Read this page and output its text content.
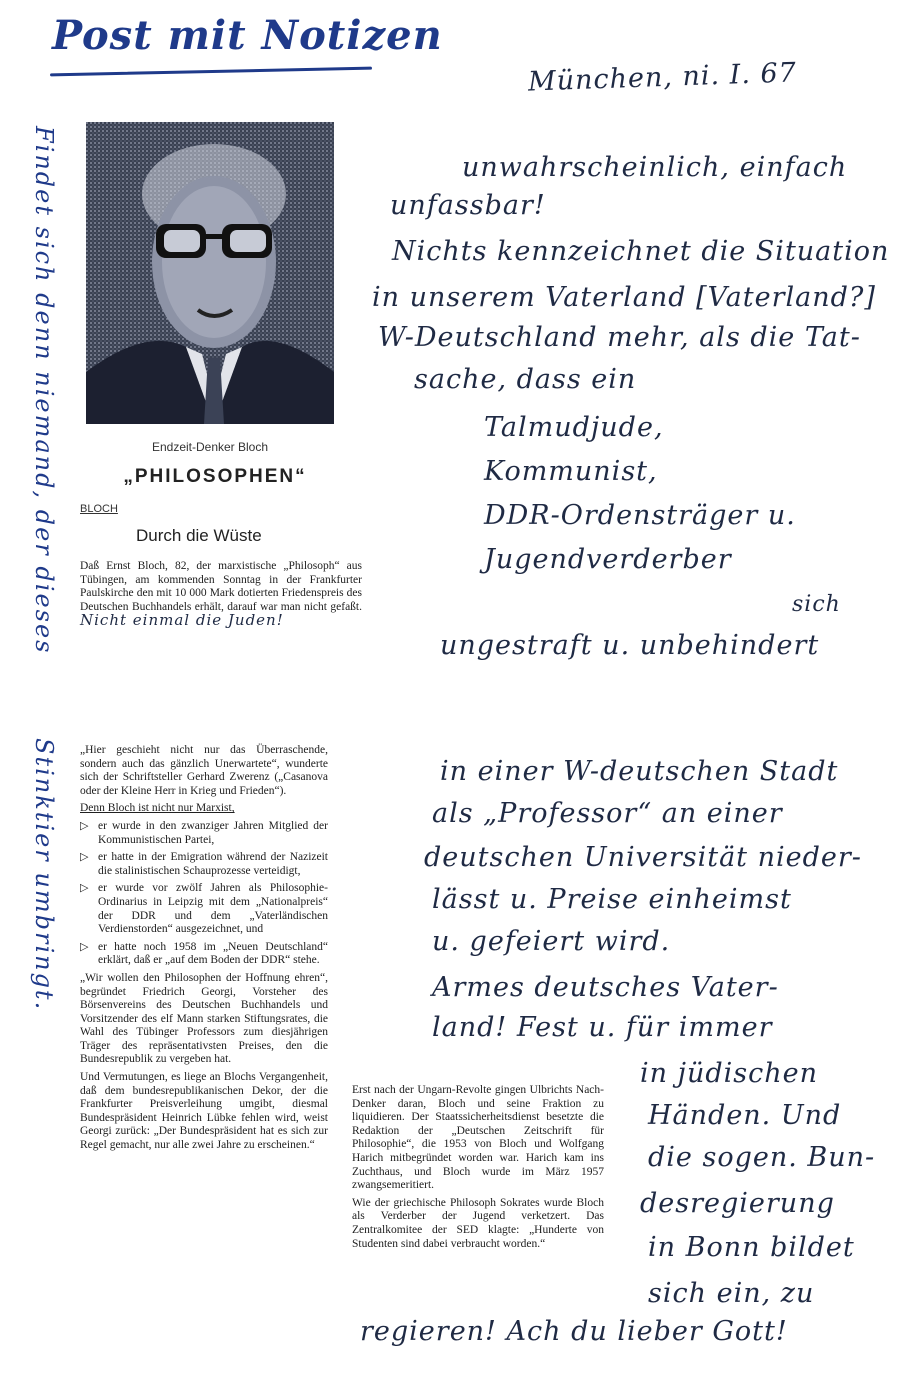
Post mit Notizen
München, ni. I. 67
Findet sich denn niemand, der dieses
Stinktier umbringt.
Endzeit-Denker Bloch
„PHILOSOPHEN“
BLOCH
Durch die Wüste
Daß Ernst Bloch, 82, der marxistische „Philosoph“ aus Tübingen, am kommenden Sonntag in der Frankfurter Paulskirche den mit 10 000 Mark dotierten Friedenspreis des Deutschen Buchhandels erhält, darauf war man nicht gefaßt. Nicht einmal die Juden!

„Hier geschieht nicht nur das Überraschende, sondern auch das gänzlich Unerwartete“, wunderte sich der Schriftsteller Gerhard Zwerenz („Casanova oder der Kleine Herr in Krieg und Frieden“).

Denn Bloch ist nicht nur Marxist,

▷ er wurde in den zwanziger Jahren Mitglied der Kommunistischen Partei,

▷ er hatte in der Emigration während der Nazizeit die stalinistischen Schauprozesse verteidigt,

▷ er wurde vor zwölf Jahren als Philosophie-Ordinarius in Leipzig mit dem „Nationalpreis“ der DDR und dem „Vaterländischen Verdienstorden“ ausgezeichnet, und

▷ er hatte noch 1958 im „Neuen Deutschland“ erklärt, daß er „auf dem Boden der DDR“ stehe.

„Wir wollen den Philosophen der Hoffnung ehren“, begründet Friedrich Georgi, Vorsteher des Börsenvereins des Deutschen Buchhandels und Vorsitzender des elf Mann starken Stiftungsrates, die Wahl des Tübinger Professors zum diesjährigen Träger des repräsentativsten Preises, den die Bundesrepublik zu vergeben hat.

Und Vermutungen, es liege an Blochs Vergangenheit, daß dem bundesrepublikanischen Dekor, der die Frankfurter Preisverleihung umgibt, diesmal Bundespräsident Heinrich Lübke fehlen wird, weist Georgi zurück: „Der Bundespräsident hat es sich zur Regel gemacht, nur alle zwei Jahre zu erscheinen.“

Erst nach der Ungarn-Revolte gingen Ulbrichts Nach-Denker daran, Bloch und seine Fraktion zu liquidieren. Der Staatssicherheitsdienst besetzte die Redaktion der „Deutschen Zeitschrift für Philosophie“, die 1953 von Bloch und Wolfgang Harich mitbegründet worden war. Harich kam ins Zuchthaus, und Bloch wurde im März 1957 zwangsemeritiert.

Wie der griechische Philosoph Sokrates wurde Bloch als Verderber der Jugend verketzert. Das Zentralkomitee der SED klagte: „Hunderte von Studenten sind dabei verbraucht worden.“

unwahrscheinlich, einfach
unfassbar!
Nichts kennzeichnet die Situation
in unserem Vaterland [Vaterland?]
W-Deutschland mehr, als die Tat-
sache, dass ein
Talmudjude,
Kommunist,
DDR-Ordensträger u.
Jugendverderber
sich
ungestraft u. unbehindert
in einer W-deutschen Stadt
als „Professor“ an einer
deutschen Universität nieder-
lässt u. Preise einheimst
u. gefeiert wird.
Armes deutsches Vater-
land! Fest u. für immer
in jüdischen
Händen. Und
die sogen. Bun-
desregierung
in Bonn bildet
sich ein, zu
regieren! Ach du lieber Gott!
